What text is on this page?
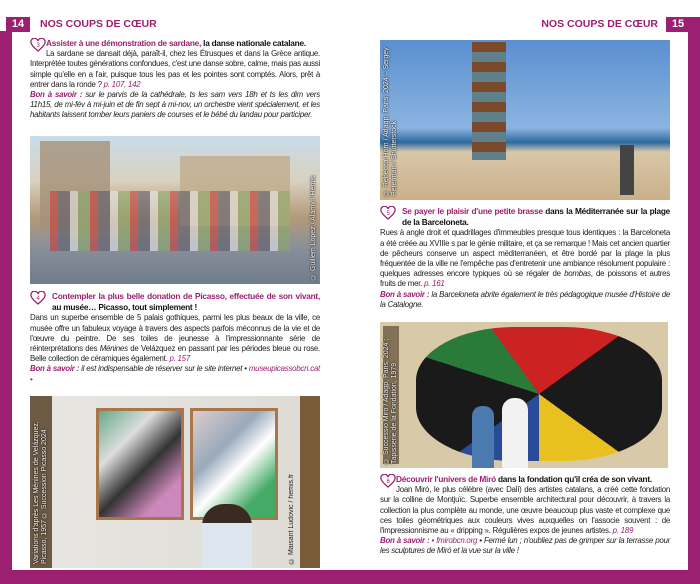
14	NOS COUPS DE CŒUR	NOS COUPS DE CŒUR	15
3 Assister à une démonstration de sardane, la danse nationale catalane.
La sardane se dansait déjà, paraît-il, chez les Étrusques et dans la Grèce antique. Interprétée toutes générations confondues, c'est une danse sobre, calme, mais pas aussi simple qu'elle en a l'air, puisque tous les pas et les pointes sont comptés. Alors, prêt à entrer dans la ronde ? p. 107, 142
Bon à savoir : sur le parvis de la cathédrale, ts les sam vers 18h et ts les dim vers 11h15, de mi-fév à mi-juin et de fin sept à mi-nov, un orchestre vient spécialement, et les habitants laissent tomber leurs paniers de courses et le bébé du landau pour participer.
© Guillem Lopez / Alamy / Hemis
4	Contempler la plus belle donation de Picasso, effectuée de son vivant, au musée… Picasso, tout simplement !
Dans un superbe ensemble de 5 palais gothiques, parmi les plus beaux de la ville, ce musée offre un fabuleux voyage à travers des aspects parfois méconnus de la vie et de l'œuvre du peintre. De ses toiles de jeunesse à l'impressionnante série de réinterprétations des Ménines de Velázquez en passant par les périodes bleue ou rose. Belle collection de céramiques également. p. 157
Bon à savoir : il est indispensable de réserver sur le site internet • museupicassobcn.cat •
Variations d'après Les Ménines de Velázquez, Picasso, 1957 © Succession Picasso 2024	© Maisant Ludovic / hemis.fr
© Rebecca Horn / Adagp, Paris, 2024 – Sergey Peterman / Shutterstock
5	Se payer le plaisir d'une petite brasse dans la Méditerranée sur la plage de la Barceloneta.
Rues à angle droit et quadrillages d'immeubles presque tous identiques : la Barceloneta a été créée au XVIIIe s par le génie militaire, et ça se remarque ! Mais cet ancien quartier de pêcheurs conserve un aspect méditerranéen, et être bordé par la plage la plus fréquentée de la ville ne l'empêche pas d'entretenir une ambiance résolument populaire : quelques adresses encore typiques où se régaler de bombas, de poissons et autres fruits de mer. p. 161
Bon à savoir : la Barceloneta abrite également le très pédagogique musée d'Histoire de la Catalogne.
© Successió Miró / Adagp, Paris, 2024 ; Tapisserie de la Fondation, 1979
6 Découvrir l'univers de Miró dans la fondation qu'il créa de son vivant.
Joan Miró, le plus célèbre (avec Dalí) des artistes catalans, a créé cette fondation sur la colline de Montjuïc. Superbe ensemble architectural pour découvrir, à travers la collection la plus complète au monde, une œuvre beaucoup plus vaste et complexe que ces toiles géométriques aux couleurs vives auxquelles on l'associe souvent : de l'impressionnisme au « dripping ». Régulières expos de jeunes artistes. p. 189
Bon à savoir : • fmirobcn.org • Fermé lun ; n'oubliez pas de grimper sur la terrasse pour les sculptures de Miró et la vue sur la ville !
